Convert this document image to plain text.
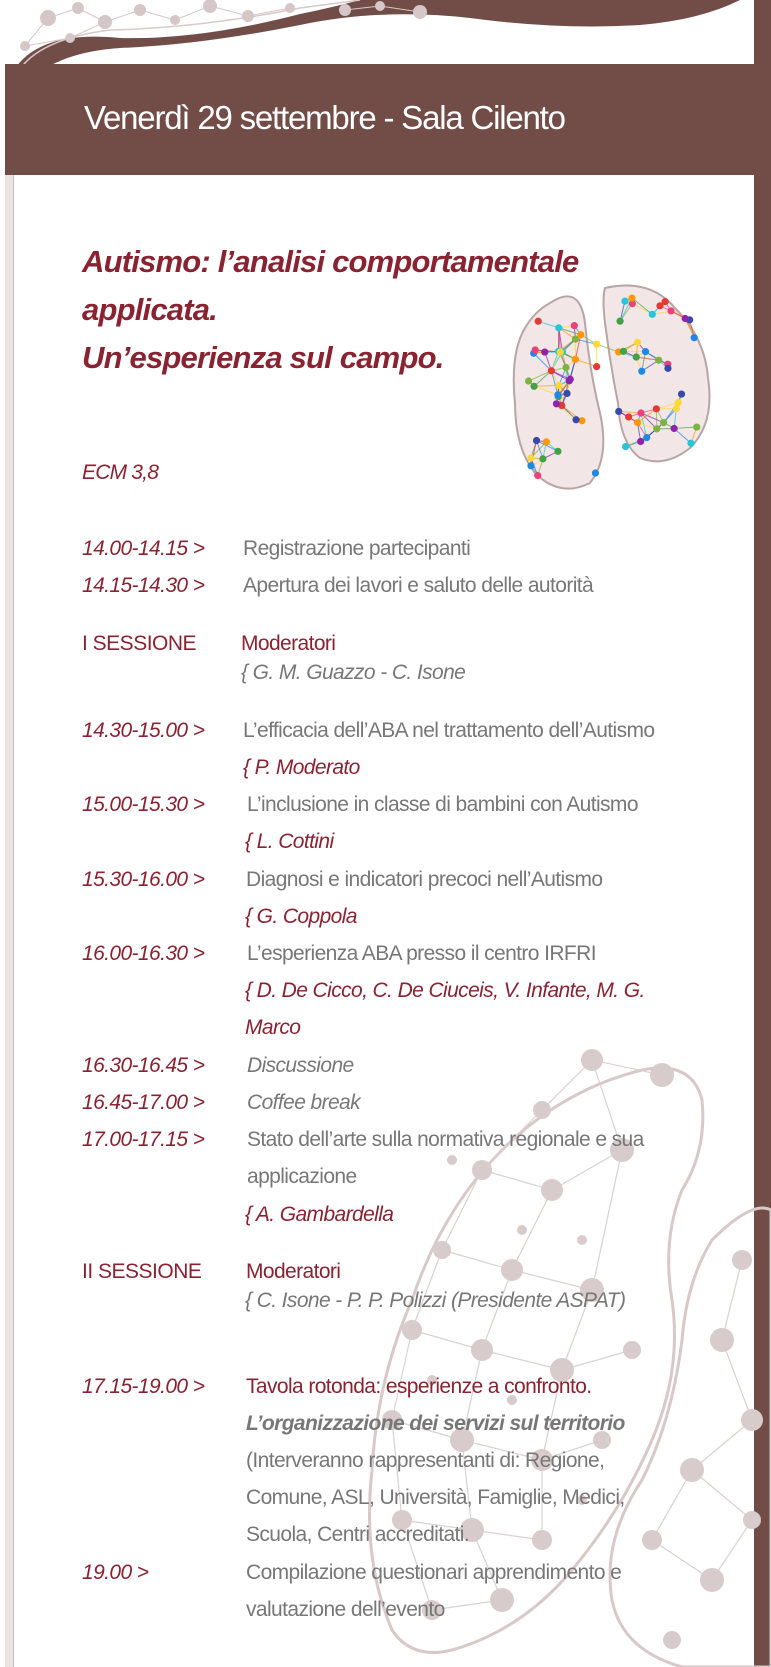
Venerdì 29 settembre - Sala Cilento
Autismo: l’analisi comportamentale
applicata.
Un’esperienza sul campo.
ECM 3,8
14.00-14.15 > Registrazione partecipanti
14.15-14.30 > Apertura dei lavori e saluto delle autorità
I SESSIONE Moderatori
{ G. M. Guazzo - C. Isone
14.30-15.00 > L’efficacia dell’ABA nel trattamento dell’Autismo
{ P. Moderato
15.00-15.30 > L’inclusione in classe di bambini con Autismo
{ L. Cottini
15.30-16.00 > Diagnosi e indicatori precoci nell’Autismo
{ G. Coppola
16.00-16.30 > L’esperienza ABA presso il centro IRFRI
{ D. De Cicco, C. De Ciuceis, V. Infante, M. G.
Marco
16.30-16.45 > Discussione
16.45-17.00 > Coffee break
17.00-17.15 > Stato dell’arte sulla normativa regionale e sua
applicazione
{ A. Gambardella
II SESSIONE Moderatori
{ C. Isone - P. P. Polizzi (Presidente ASPAT)
17.15-19.00 > Tavola rotonda: esperienze a confronto.
L’organizzazione dei servizi sul territorio
(Interveranno rappresentanti di: Regione,
Comune, ASL, Università, Famiglie, Medici,
Scuola, Centri accreditati.
19.00 >	Compilazione questionari apprendimento e
valutazione dell’evento
